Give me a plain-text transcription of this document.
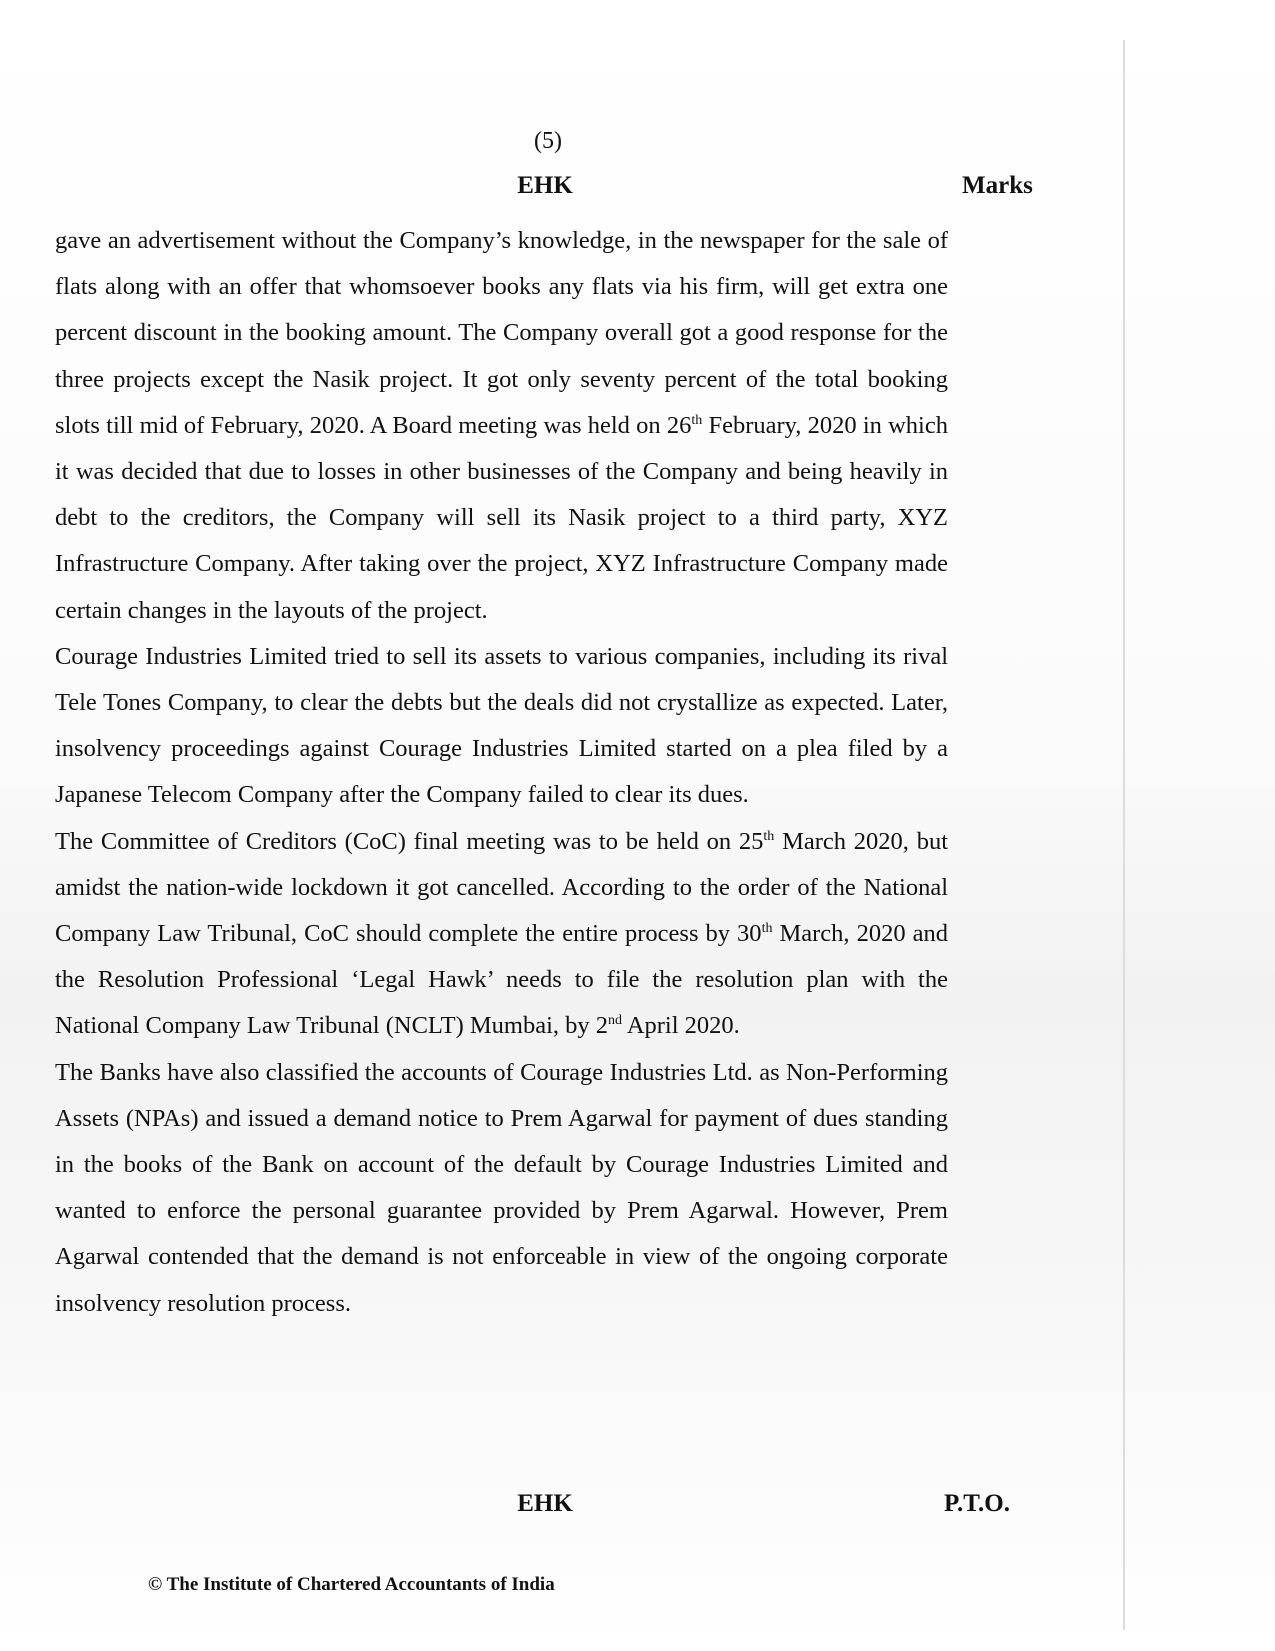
(5)
EHK	Marks

gave an advertisement without the Company’s knowledge, in the newspaper for the sale of flats along with an offer that whomsoever books any flats via his firm, will get extra one percent discount in the booking amount. The Company overall got a good response for the three projects except the Nasik project. It got only seventy percent of the total booking slots till mid of February, 2020. A Board meeting was held on 26th February, 2020 in which it was decided that due to losses in other businesses of the Company and being heavily in debt to the creditors, the Company will sell its Nasik project to a third party, XYZ Infrastructure Company. After taking over the project, XYZ Infrastructure Company made certain changes in the layouts of the project.

Courage Industries Limited tried to sell its assets to various companies, including its rival Tele Tones Company, to clear the debts but the deals did not crystallize as expected. Later, insolvency proceedings against Courage Industries Limited started on a plea filed by a Japanese Telecom Company after the Company failed to clear its dues.

The Committee of Creditors (CoC) final meeting was to be held on 25th March 2020, but amidst the nation-wide lockdown it got cancelled. According to the order of the National Company Law Tribunal, CoC should complete the entire process by 30th March, 2020 and the Resolution Professional ‘Legal Hawk’ needs to file the resolution plan with the National Company Law Tribunal (NCLT) Mumbai, by 2nd April 2020.

The Banks have also classified the accounts of Courage Industries Ltd. as Non-Performing Assets (NPAs) and issued a demand notice to Prem Agarwal for payment of dues standing in the books of the Bank on account of the default by Courage Industries Limited and wanted to enforce the personal guarantee provided by Prem Agarwal. However, Prem Agarwal contended that the demand is not enforceable in view of the ongoing corporate insolvency resolution process.

EHK	P.T.O.
© The Institute of Chartered Accountants of India
